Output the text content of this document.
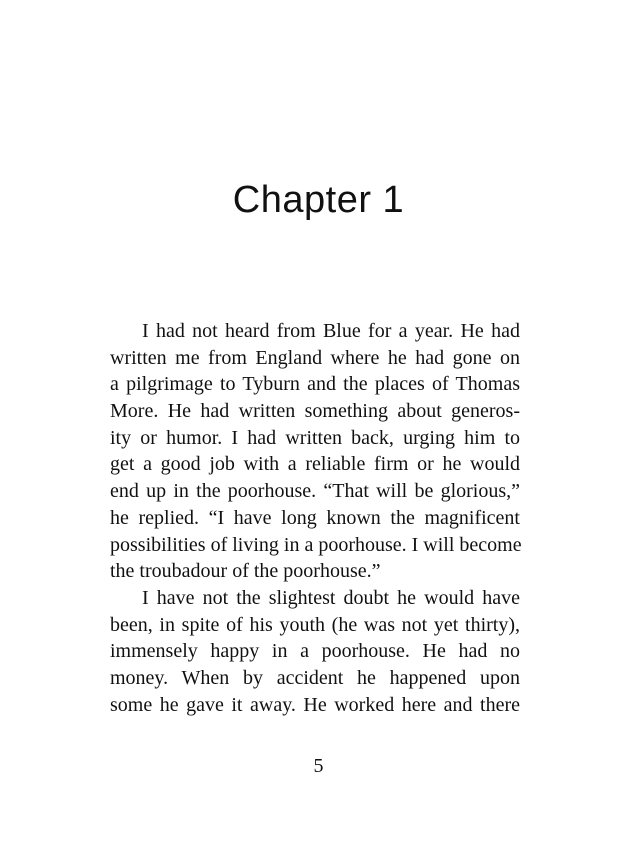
Chapter 1
I had not heard from Blue for a year. He had
written me from England where he had gone on
a pilgrimage to Tyburn and the places of Thomas
More. He had written something about generos-
ity or humor. I had written back, urging him to
get a good job with a reliable firm or he would
end up in the poorhouse. “That will be glorious,”
he replied. “I have long known the magnificent
possibilities of living in a poorhouse. I will become
the troubadour of the poorhouse.”
I have not the slightest doubt he would have
been, in spite of his youth (he was not yet thirty),
immensely happy in a poorhouse. He had no
money. When by accident he happened upon
some he gave it away. He worked here and there
5
